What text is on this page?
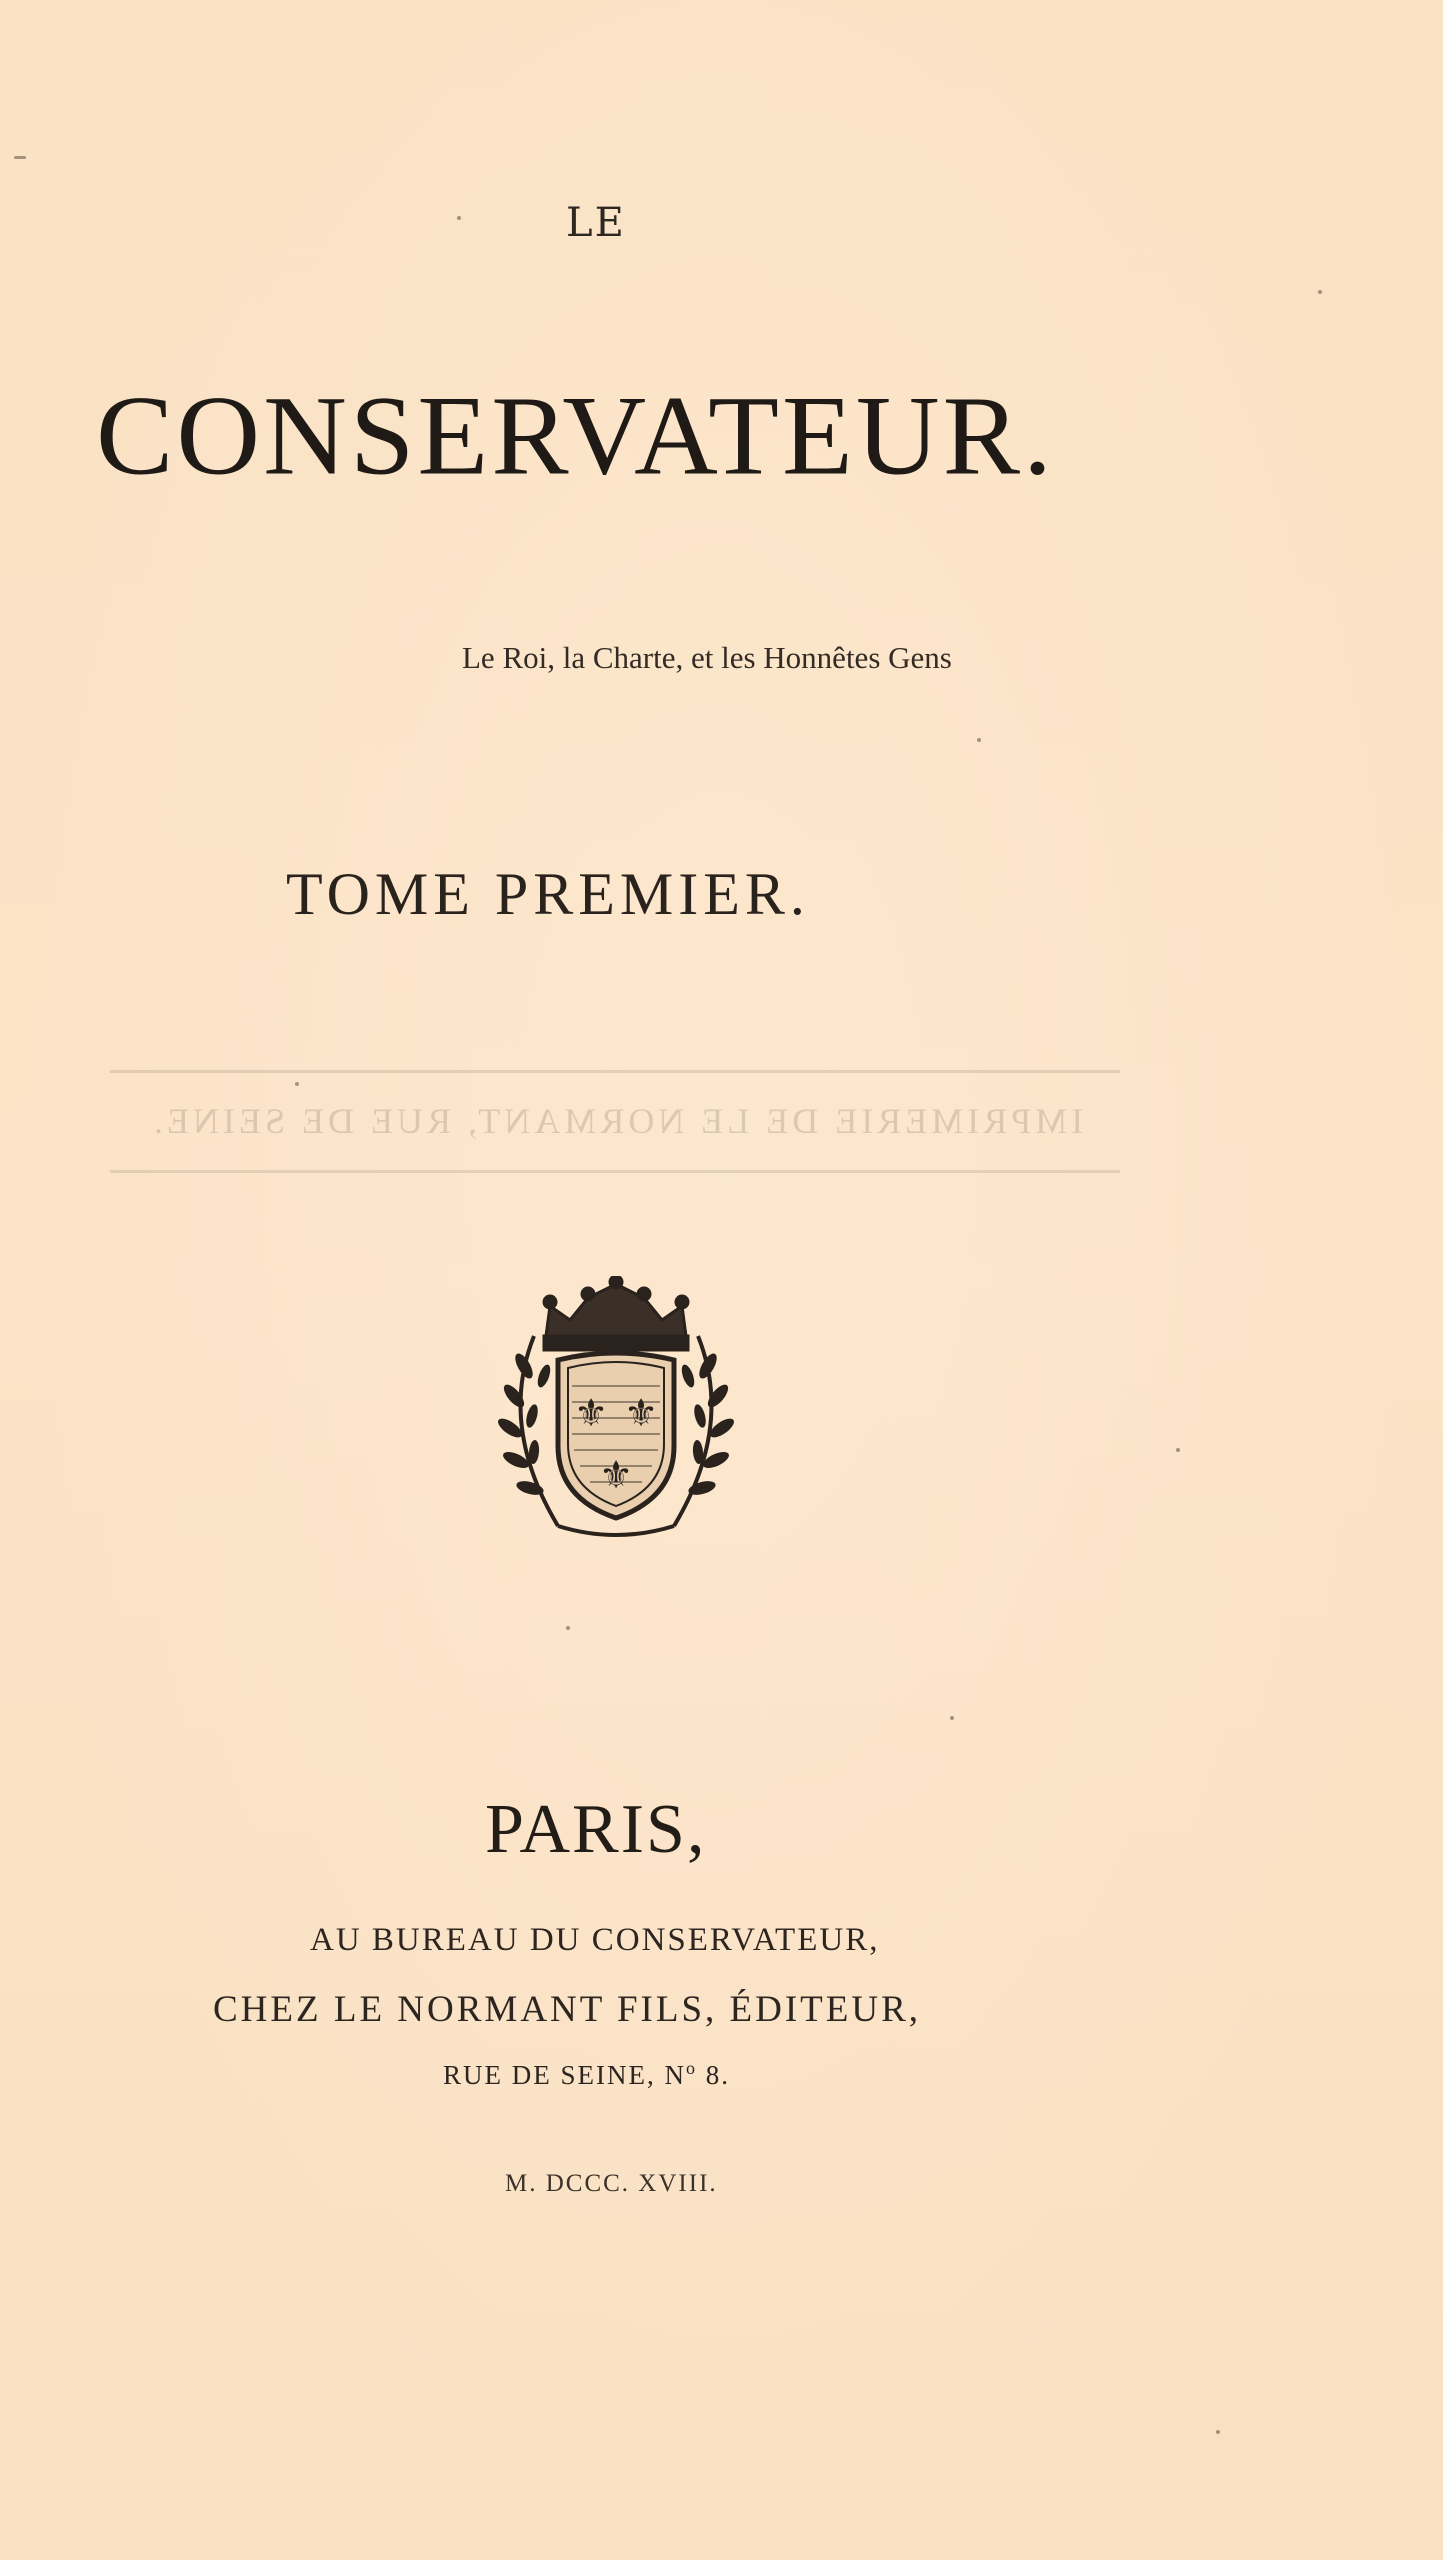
LE
CONSERVATEUR.
Le Roi, la Charte, et les Honnêtes Gens
TOME PREMIER.
IMPRIMERIE DE LE NORMANT, RUE DE SEINE.
⚜ ⚜
⚜
PARIS,
AU BUREAU DU CONSERVATEUR,
CHEZ LE NORMANT FILS, ÉDITEUR,
RUE DE SEINE, $N^o$ 8.
M. DCCC. XVIII.
